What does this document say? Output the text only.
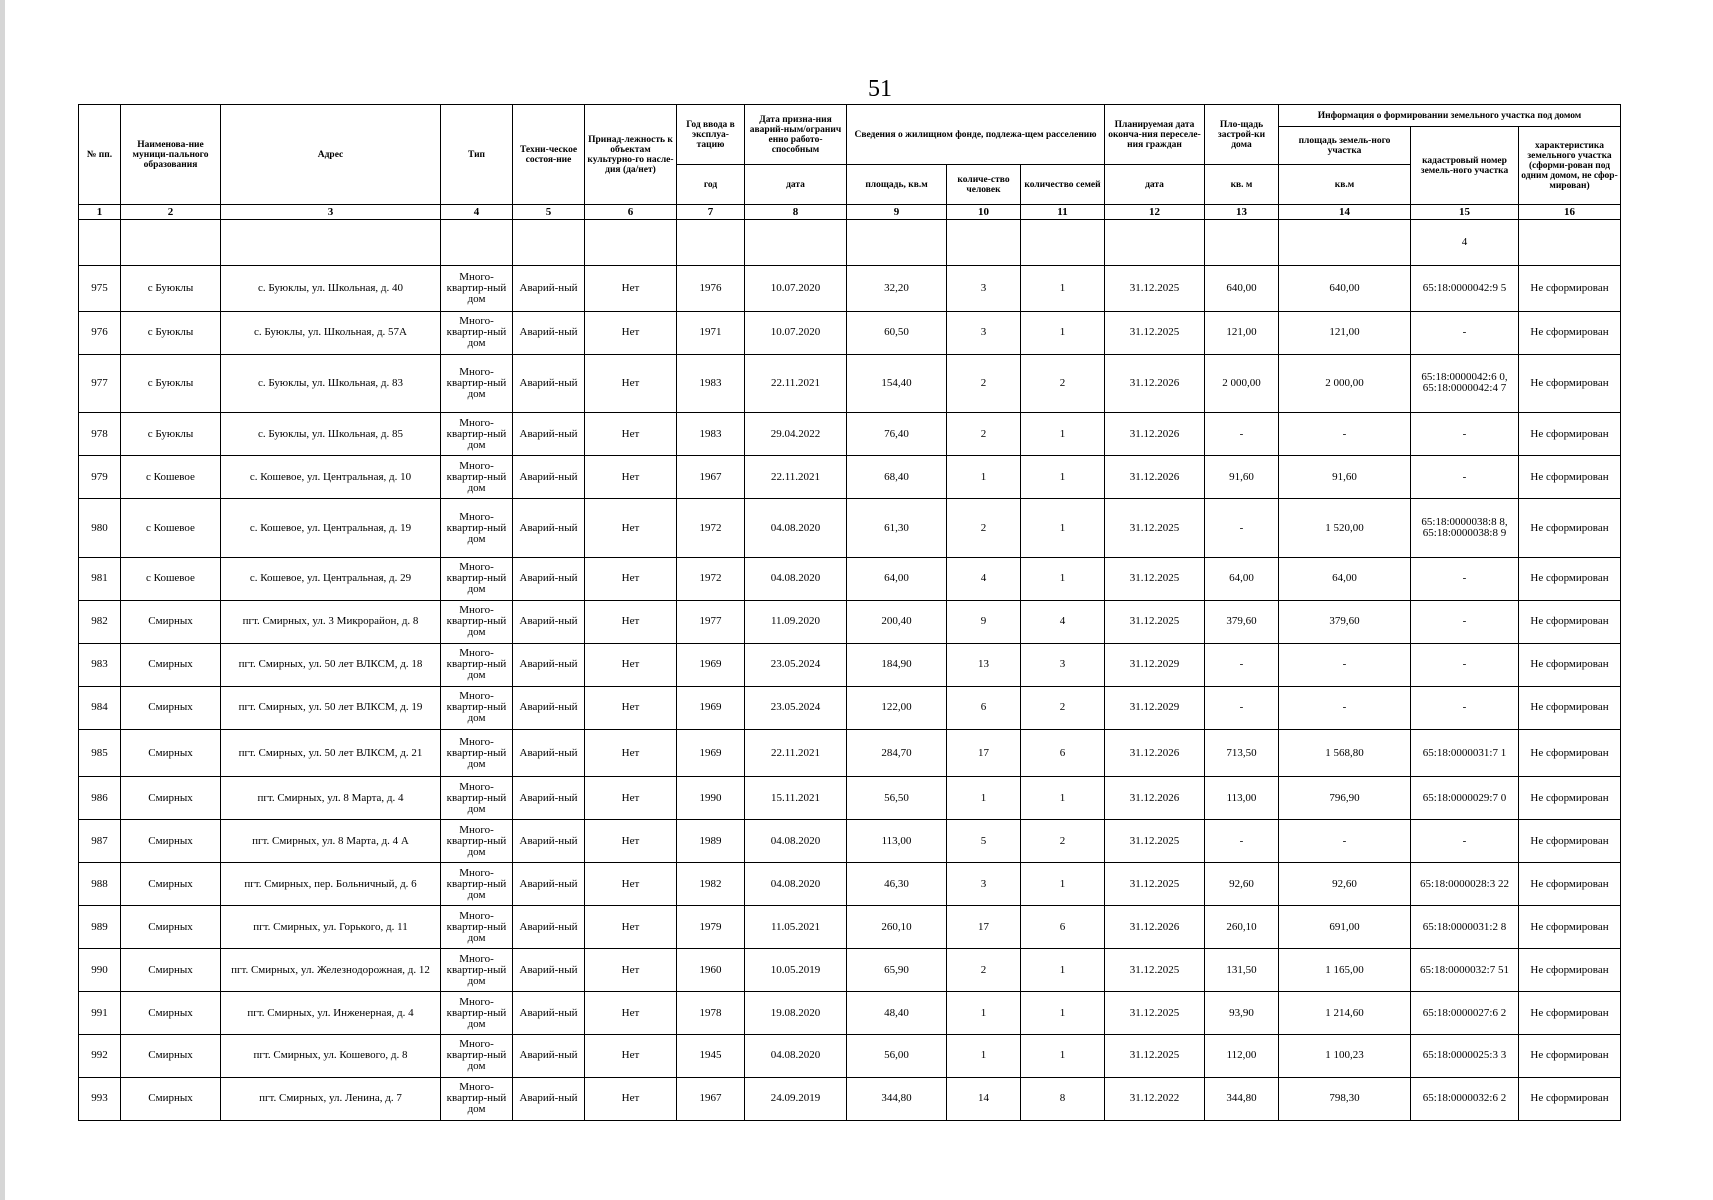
51
№ пп.	Наименова-ние муници-пального образования	Адрес	Тип	Техни-ческое состоя-ние	Принад-лежность к объектам культурно-го насле-дия (да/нет)	Год ввода в эксплуа-тацию	Дата призна-ния аварий-ным/огранич енно работо-способным	Сведения о жилищном фонде, подлежа-щем расселению			Планируемая дата оконча-ния переселе-ния граждан	Пло-щадь застрой-ки дома	Информация о формировании земельного участка под домом		
													площадь земель-ного участка	кадастровый номер земель-ного участка	характеристика земельного участка (сформи-рован под одним домом, не сфор-мирован)
						год	дата	площадь, кв.м	количе-ство человек	количество семей	дата	кв. м	кв.м		
1	2	3	4	5	6	7	8	9	10	11	12	13	14	15	16
														4	
975	с Буюклы	с. Буюклы, ул. Школьная, д. 40	Много-квартир-ный дом	Аварий-ный	Нет	1976	10.07.2020	32,20	3	1	31.12.2025	640,00	640,00	65:18:0000042:9 5	Не сформирован
976	с Буюклы	с. Буюклы, ул. Школьная, д. 57А	Много-квартир-ный дом	Аварий-ный	Нет	1971	10.07.2020	60,50	3	1	31.12.2025	121,00	121,00	-	Не сформирован
977	с Буюклы	с. Буюклы, ул. Школьная, д. 83	Много-квартир-ный дом	Аварий-ный	Нет	1983	22.11.2021	154,40	2	2	31.12.2026	2 000,00	2 000,00	65:18:0000042:6 0, 65:18:0000042:4 7	Не сформирован
978	с Буюклы	с. Буюклы, ул. Школьная, д. 85	Много-квартир-ный дом	Аварий-ный	Нет	1983	29.04.2022	76,40	2	1	31.12.2026	-	-	-	Не сформирован
979	с Кошевое	с. Кошевое, ул. Центральная, д. 10	Много-квартир-ный дом	Аварий-ный	Нет	1967	22.11.2021	68,40	1	1	31.12.2026	91,60	91,60	-	Не сформирован
980	с Кошевое	с. Кошевое, ул. Центральная, д. 19	Много-квартир-ный дом	Аварий-ный	Нет	1972	04.08.2020	61,30	2	1	31.12.2025	-	1 520,00	65:18:0000038:8 8, 65:18:0000038:8 9	Не сформирован
981	с Кошевое	с. Кошевое, ул. Центральная, д. 29	Много-квартир-ный дом	Аварий-ный	Нет	1972	04.08.2020	64,00	4	1	31.12.2025	64,00	64,00	-	Не сформирован
982	Смирных	пгт. Смирных, ул. 3 Микрорайон, д. 8	Много-квартир-ный дом	Аварий-ный	Нет	1977	11.09.2020	200,40	9	4	31.12.2025	379,60	379,60	-	Не сформирован
983	Смирных	пгт. Смирных, ул. 50 лет ВЛКСМ, д. 18	Много-квартир-ный дом	Аварий-ный	Нет	1969	23.05.2024	184,90	13	3	31.12.2029	-	-	-	Не сформирован
984	Смирных	пгт. Смирных, ул. 50 лет ВЛКСМ, д. 19	Много-квартир-ный дом	Аварий-ный	Нет	1969	23.05.2024	122,00	6	2	31.12.2029	-	-	-	Не сформирован
985	Смирных	пгт. Смирных, ул. 50 лет ВЛКСМ, д. 21	Много-квартир-ный дом	Аварий-ный	Нет	1969	22.11.2021	284,70	17	6	31.12.2026	713,50	1 568,80	65:18:0000031:7 1	Не сформирован
986	Смирных	пгт. Смирных, ул. 8 Марта, д. 4	Много-квартир-ный дом	Аварий-ный	Нет	1990	15.11.2021	56,50	1	1	31.12.2026	113,00	796,90	65:18:0000029:7 0	Не сформирован
987	Смирных	пгт. Смирных, ул. 8 Марта, д. 4 А	Много-квартир-ный дом	Аварий-ный	Нет	1989	04.08.2020	113,00	5	2	31.12.2025	-	-	-	Не сформирован
988	Смирных	пгт. Смирных, пер. Больничный, д. 6	Много-квартир-ный дом	Аварий-ный	Нет	1982	04.08.2020	46,30	3	1	31.12.2025	92,60	92,60	65:18:0000028:3 22	Не сформирован
989	Смирных	пгт. Смирных, ул. Горького, д. 11	Много-квартир-ный дом	Аварий-ный	Нет	1979	11.05.2021	260,10	17	6	31.12.2026	260,10	691,00	65:18:0000031:2 8	Не сформирован
990	Смирных	пгт. Смирных, ул. Железнодорожная, д. 12	Много-квартир-ный дом	Аварий-ный	Нет	1960	10.05.2019	65,90	2	1	31.12.2025	131,50	1 165,00	65:18:0000032:7 51	Не сформирован
991	Смирных	пгт. Смирных, ул. Инженерная, д. 4	Много-квартир-ный дом	Аварий-ный	Нет	1978	19.08.2020	48,40	1	1	31.12.2025	93,90	1 214,60	65:18:0000027:6 2	Не сформирован
992	Смирных	пгт. Смирных, ул. Кошевого, д. 8	Много-квартир-ный дом	Аварий-ный	Нет	1945	04.08.2020	56,00	1	1	31.12.2025	112,00	1 100,23	65:18:0000025:3 3	Не сформирован
993	Смирных	пгт. Смирных, ул. Ленина, д. 7	Много-квартир-ный дом	Аварий-ный	Нет	1967	24.09.2019	344,80	14	8	31.12.2022	344,80	798,30	65:18:0000032:6 2	Не сформирован
